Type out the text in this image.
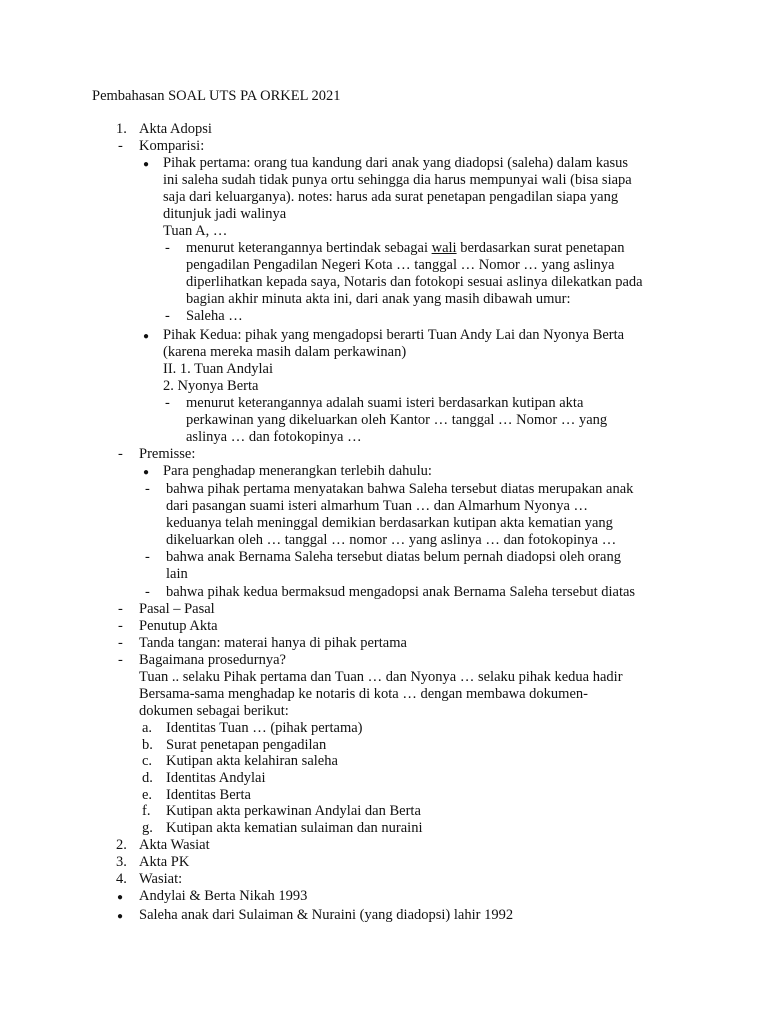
Pembahasan SOAL UTS PA ORKEL 2021
1. Akta Adopsi
- Komparisi:
● Pihak pertama: orang tua kandung dari anak yang diadopsi (saleha) dalam kasus
ini saleha sudah tidak punya ortu sehingga dia harus mempunyai wali (bisa siapa
saja dari keluarganya). notes: harus ada surat penetapan pengadilan siapa yang
ditunjuk jadi walinya
Tuan A, …
- menurut keterangannya bertindak sebagai wali berdasarkan surat penetapan
pengadilan Pengadilan Negeri Kota … tanggal … Nomor … yang aslinya
diperlihatkan kepada saya, Notaris dan fotokopi sesuai aslinya dilekatkan pada
bagian akhir minuta akta ini, dari anak yang masih dibawah umur:
- Saleha …
● Pihak Kedua: pihak yang mengadopsi berarti Tuan Andy Lai dan Nyonya Berta
(karena mereka masih dalam perkawinan)
II. 1. Tuan Andylai
2. Nyonya Berta
- menurut keterangannya adalah suami isteri berdasarkan kutipan akta
perkawinan yang dikeluarkan oleh Kantor … tanggal … Nomor … yang
aslinya … dan fotokopinya …
- Premisse:
● Para penghadap menerangkan terlebih dahulu:
- bahwa pihak pertama menyatakan bahwa Saleha tersebut diatas merupakan anak
dari pasangan suami isteri almarhum Tuan … dan Almarhum Nyonya …
keduanya telah meninggal demikian berdasarkan kutipan akta kematian yang
dikeluarkan oleh … tanggal … nomor … yang aslinya … dan fotokopinya …
- bahwa anak Bernama Saleha tersebut diatas belum pernah diadopsi oleh orang
lain
- bahwa pihak kedua bermaksud mengadopsi anak Bernama Saleha tersebut diatas
- Pasal – Pasal
- Penutup Akta
- Tanda tangan: materai hanya di pihak pertama
- Bagaimana prosedurnya?
Tuan .. selaku Pihak pertama dan Tuan … dan Nyonya … selaku pihak kedua hadir
Bersama-sama menghadap ke notaris di kota … dengan membawa dokumen-
dokumen sebagai berikut:
a. Identitas Tuan … (pihak pertama)
b. Surat penetapan pengadilan
c. Kutipan akta kelahiran saleha
d. Identitas Andylai
e. Identitas Berta
f. Kutipan akta perkawinan Andylai dan Berta
g. Kutipan akta kematian sulaiman dan nuraini
2. Akta Wasiat
3. Akta PK
4. Wasiat:
● Andylai & Berta Nikah 1993
● Saleha anak dari Sulaiman & Nuraini (yang diadopsi) lahir 1992
